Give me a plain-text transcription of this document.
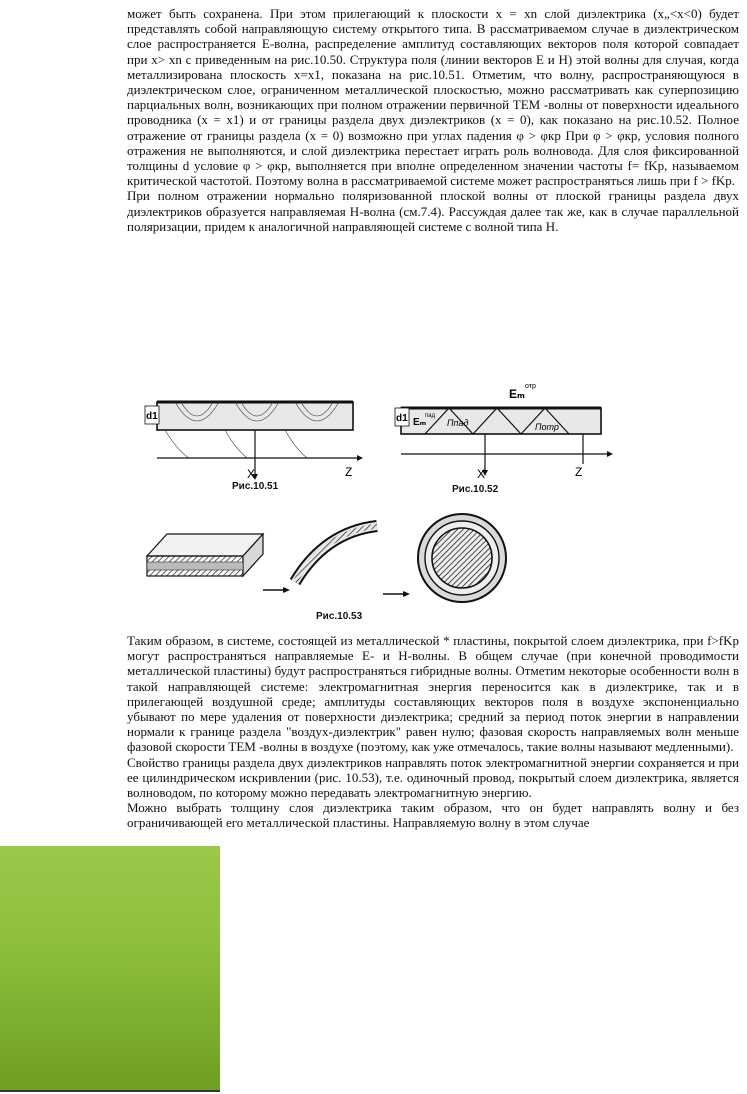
может быть сохранена. При этом прилегающий к плоскости x = xn слой диэлектрика (x„<x<0) будет представлять собой направляющую систему открытого типа. В рассматриваемом случае в диэлектрическом слое распространяется Е-волна, распределение амплитуд составляющих векторов поля которой совпадает при x> xn с приведенным на рис.10.50. Структура поля (линии векторов Е и Н) этой волны для случая, когда металлизирована плоскость x=x1, показана на рис.10.51. Отметим, что волну, распространяющуюся в диэлектрическом слое, ограниченном металлической плоскостью, можно рассматривать как суперпозицию парциальных волн, возникающих при полном отражении первичной ТЕМ -волны от поверхности идеального проводника (x = x1) и от границы раздела двух диэлектриков (x = 0), как показано на рис.10.52. Полное отражение от границы раздела (x = 0) возможно при углах падения φ > φкр При φ > φкр, условия полного отражения не выполняются, и слой диэлектрика перестает играть роль волновода. Для слоя фиксированной толщины d условие φ > φкр, выполняется при вполне определенном значении частоты f= fKp, называемом критической частотой. Поэтому волна в рассматриваемой системе может распространяться лишь при f > fKp.

При полном отражении нормально поляризованной плоской волны от плоской границы раздела двух диэлектриков образуется направляемая Н-волна (см.7.4). Рассуждая далее так же, как в случае параллельной поляризации, придем к аналогичной направляющей системе с волной типа Н.

d1
X	Z
d1
Eₘ
отр
Eₘ
пад
Πпад	Πотр
X	Z
Рис.10.51	Рис.10.52
Рис.10.53

Таким образом, в системе, состоящей из металлической * пластины, покрытой слоем диэлектрика, при f>fKp могут распространяться направляемые Е- и Н-волны. В общем случае (при конечной проводимости металлической пластины) будут распространяться гибридные волны. Отметим некоторые особенности волн в такой направляющей системе: электромагнитная энергия переносится как в диэлектрике, так и в прилегающей воздушной среде; амплитуды составляющих векторов поля в воздухе экспоненциально убывают по мере удаления от поверхности диэлектрика; средний за период поток энергии в направлении нормали к границе раздела "воздух-диэлектрик" равен нулю; фазовая скорость направляемых волн меньше фазовой скорости ТЕМ -волны в воздухе (поэтому, как уже отмечалось, такие волны называют медленными).

Свойство границы раздела двух диэлектриков направлять поток электромагнитной энергии сохраняется и при ее цилиндрическом искривлении (рис. 10.53), т.е. одиночный провод, покрытый слоем диэлектрика, является волноводом, по которому можно передавать электромагнитную энергию.

Можно выбрать толщину слоя диэлектрика таким образом, что он будет направлять волну и без ограничивающей его металлической пластины. Направляемую волну в этом случае
